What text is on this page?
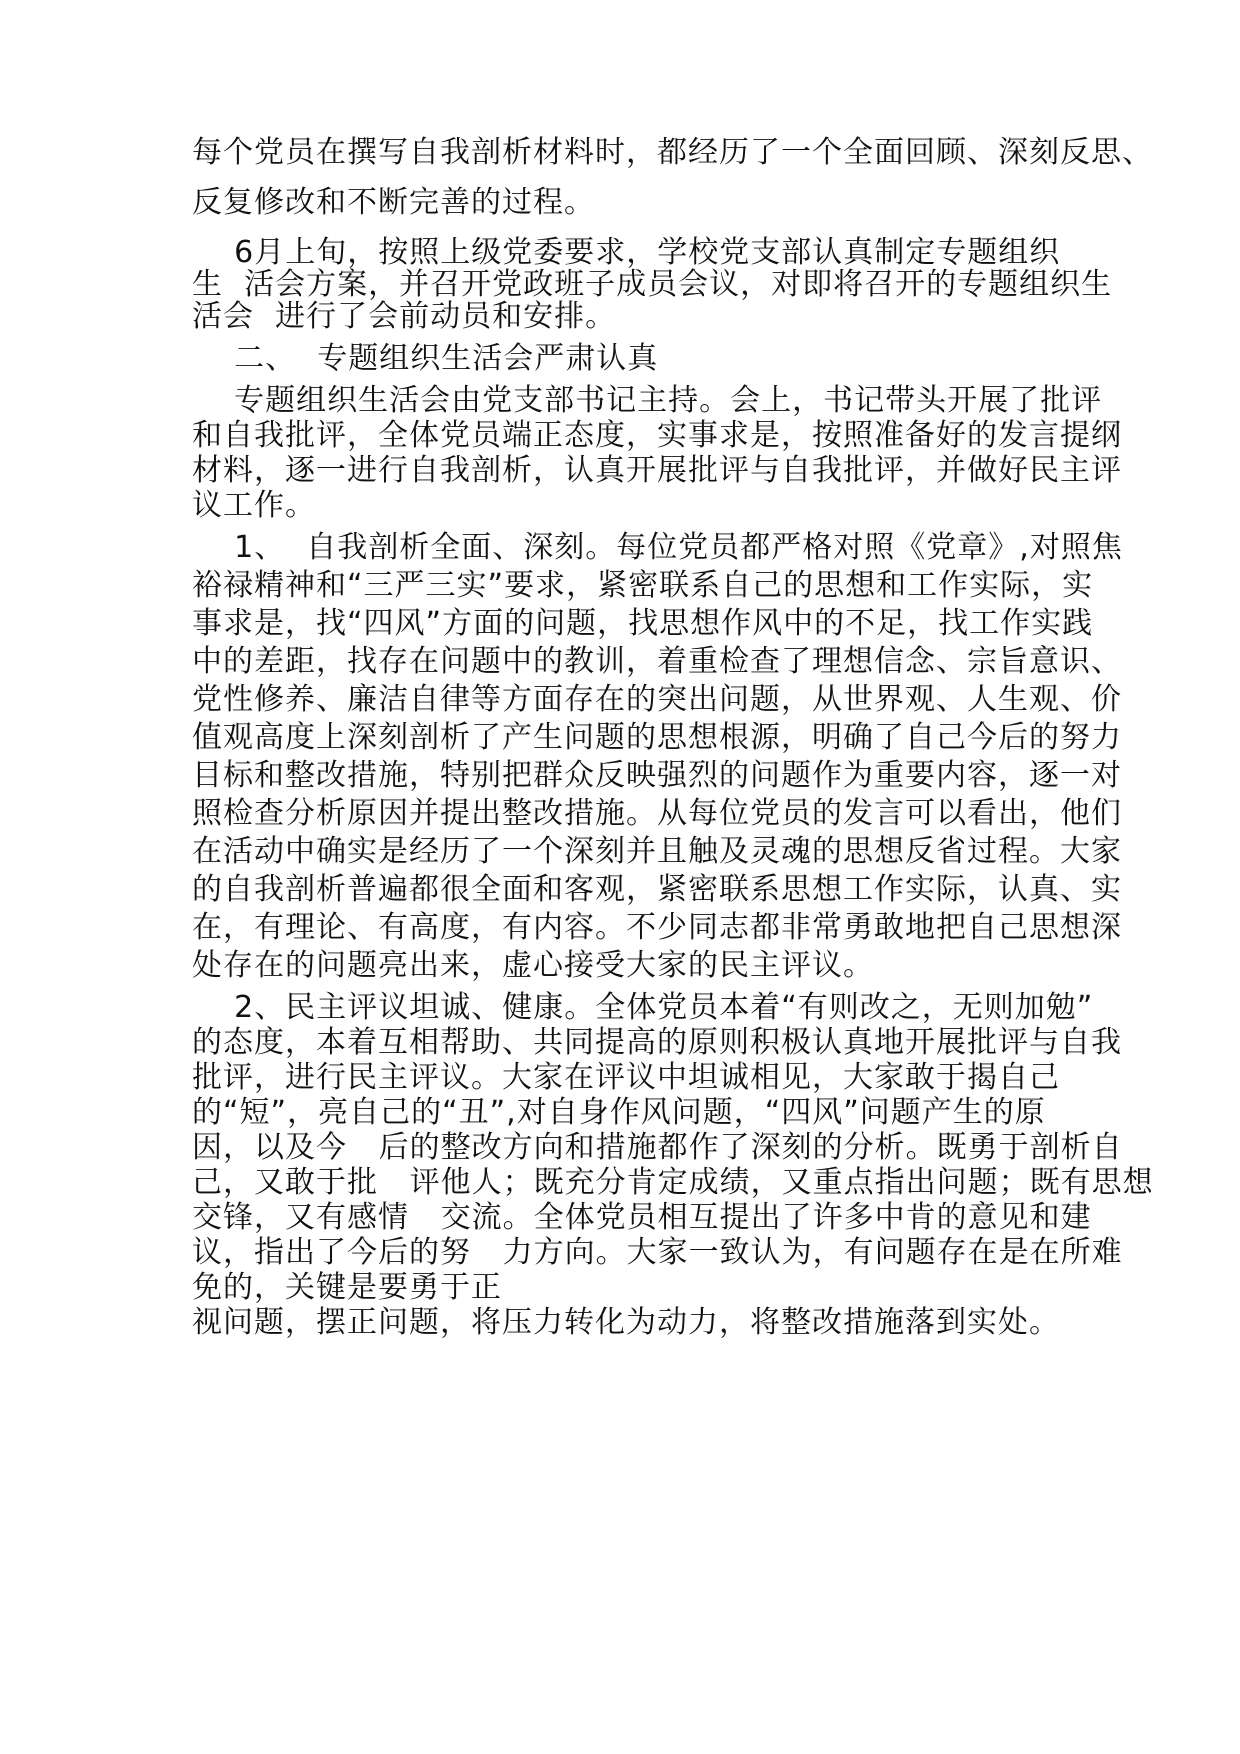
每个党员在撰写自我剖析材料时，都经历了一个全面回顾、深刻反思、
反复修改和不断完善的过程。
6月上旬，按照上级党委要求，学校党支部认真制定专题组织
生  活会方案，并召开党政班子成员会议，对即将召开的专题组织生
活会  进行了会前动员和安排。
二、  专题组织生活会严肃认真
专题组织生活会由党支部书记主持。会上，书记带头开展了批评
和自我批评，全体党员端正态度，实事求是，按照准备好的发言提纲
材料，逐一进行自我剖析，认真开展批评与自我批评，并做好民主评
议工作。
1、  自我剖析全面、深刻。每位党员都严格对照《党章》,对照焦
裕禄精神和“三严三实”要求，紧密联系自己的思想和工作实际，实
事求是，找“四风”方面的问题，找思想作风中的不足，找工作实践
中的差距，找存在问题中的教训，着重检查了理想信念、宗旨意识、
党性修养、廉洁自律等方面存在的突出问题，从世界观、人生观、价
值观高度上深刻剖析了产生问题的思想根源，明确了自己今后的努力
目标和整改措施，特别把群众反映强烈的问题作为重要内容，逐一对
照检查分析原因并提出整改措施。从每位党员的发言可以看出，他们
在活动中确实是经历了一个深刻并且触及灵魂的思想反省过程。大家
的自我剖析普遍都很全面和客观，紧密联系思想工作实际，认真、实
在，有理论、有高度，有内容。不少同志都非常勇敢地把自己思想深
处存在的问题亮出来，虚心接受大家的民主评议。
2、民主评议坦诚、健康。全体党员本着“有则改之，无则加勉”
的态度，本着互相帮助、共同提高的原则积极认真地开展批评与自我
批评，进行民主评议。大家在评议中坦诚相见，大家敢于揭自己
的“短”，亮自己的“丑”,对自身作风问题，“四风”问题产生的原
因，以及今   后的整改方向和措施都作了深刻的分析。既勇于剖析自
己，又敢于批   评他人；既充分肯定成绩，又重点指出问题；既有思想
交锋，又有感情   交流。全体党员相互提出了许多中肯的意见和建
议，指出了今后的努   力方向。大家一致认为，有问题存在是在所难
免的，关键是要勇于正
视问题，摆正问题，将压力转化为动力，将整改措施落到实处。
